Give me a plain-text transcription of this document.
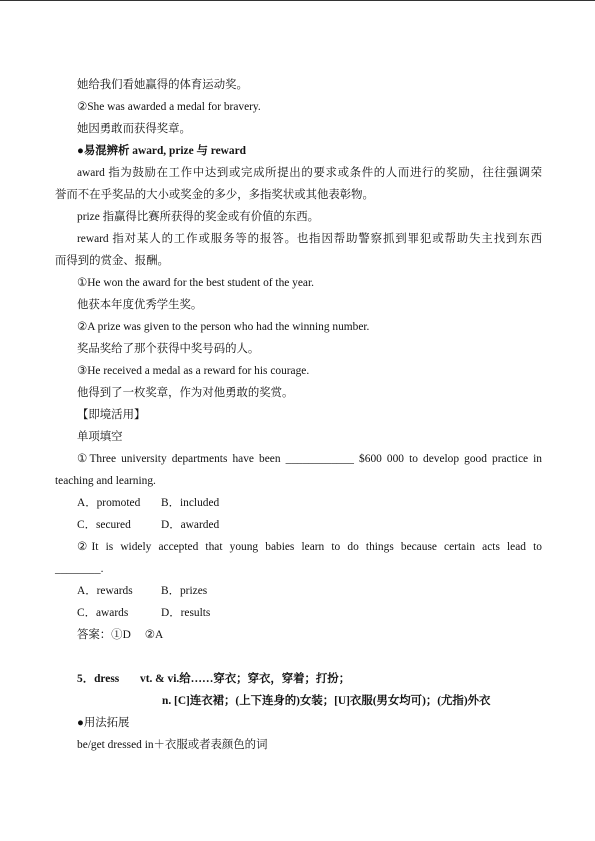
她给我们看她赢得的体育运动奖。

②She was awarded a medal for bravery.

她因勇敢而获得奖章。

●易混辨析 award, prize 与 reward

award 指为鼓励在工作中达到或完成所提出的要求或条件的人而进行的奖励，往往强调荣

誉而不在乎奖品的大小或奖金的多少，多指奖状或其他表彰物。

prize 指赢得比赛所获得的奖金或有价值的东西。

reward 指对某人的工作或服务等的报答。也指因帮助警察抓到罪犯或帮助失主找到东西

而得到的赏金、报酬。

①He won the award for the best student of the year.

他获本年度优秀学生奖。

②A prize was given to the person who had the winning number.

奖品奖给了那个获得中奖号码的人。

③He received a medal as a reward for his courage.

他得到了一枚奖章，作为对他勇敢的奖赏。

【即境活用】

单项填空

①Three university departments have been ____________ $600 000 to develop good practice in

teaching and learning.

A．promoted B．included

C．secured	D．awarded

②It is widely accepted that young babies learn to do things because certain acts lead to

________.

A．rewards B．prizes

C．awards	D．results

答案：①D ②A

5．dress vt. & vi.给……穿衣；穿衣，穿着；打扮；

n. [C]连衣裙；(上下连身的)女装；[U]衣服(男女均可)；(尤指)外衣

●用法拓展

be/get dressed in＋衣服或者表颜色的词
